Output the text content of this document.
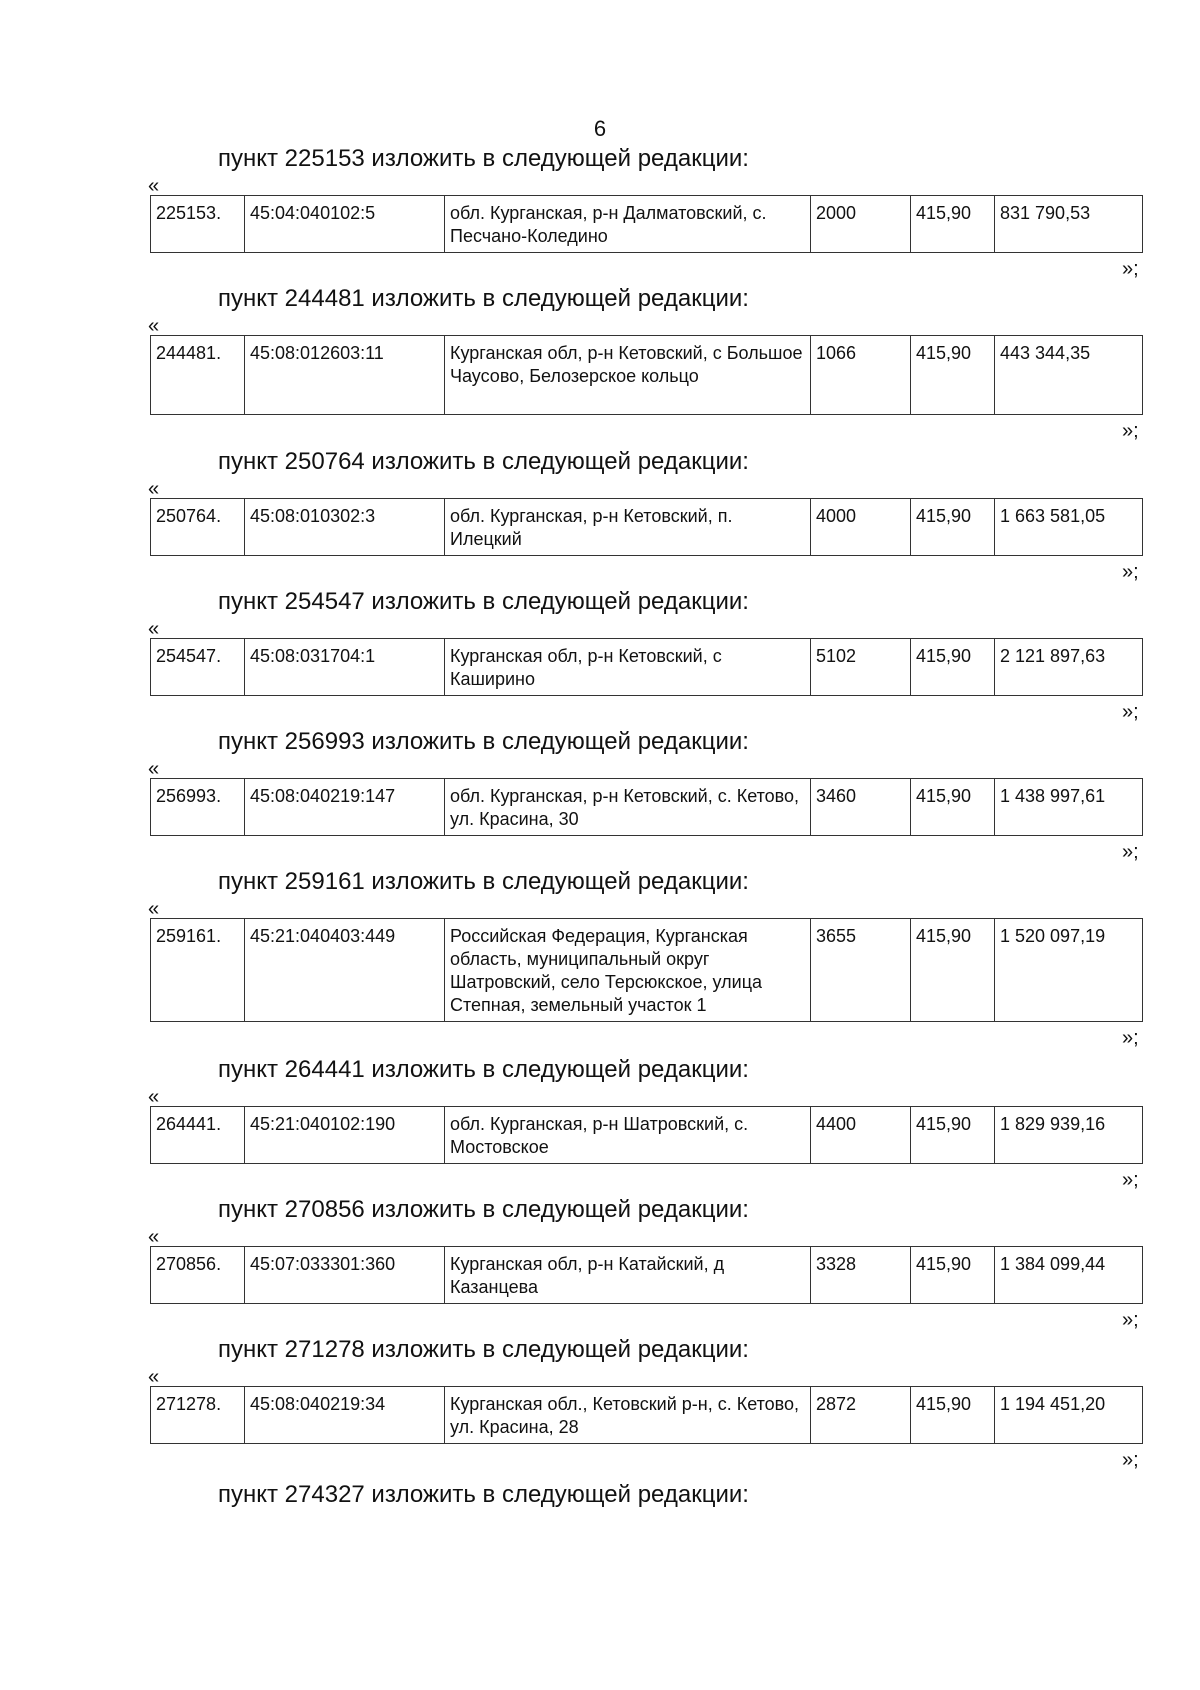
6
пункт 225153 изложить в следующей редакции:
«
225153.	45:04:040102:5	обл. Курганская, р-н Далматовский, с. Песчано-Коледино	2000	415,90	831 790,53
»;
пункт 244481 изложить в следующей редакции:
«
244481.	45:08:012603:11	Курганская обл, р-н Кетовский, с Большое Чаусово, Белозерское кольцо	1066	415,90	443 344,35
»;
пункт 250764 изложить в следующей редакции:
«
250764.	45:08:010302:3	обл. Курганская, р-н Кетовский, п. Илецкий	4000	415,90	1 663 581,05
»;
пункт 254547 изложить в следующей редакции:
«
254547.	45:08:031704:1	Курганская обл, р-н Кетовский, с Каширино	5102	415,90	2 121 897,63
»;
пункт 256993 изложить в следующей редакции:
«
256993.	45:08:040219:147	обл. Курганская, р-н Кетовский, с. Кетово, ул. Красина, 30	3460	415,90	1 438 997,61
»;
пункт 259161 изложить в следующей редакции:
«
259161.	45:21:040403:449	Российская Федерация, Курганская область, муниципальный округ Шатровский, село Терсюкское, улица Степная, земельный участок 1	3655	415,90	1 520 097,19
»;
пункт 264441 изложить в следующей редакции:
«
264441.	45:21:040102:190	обл. Курганская, р-н Шатровский, с. Мостовское	4400	415,90	1 829 939,16
»;
пункт 270856 изложить в следующей редакции:
«
270856.	45:07:033301:360	Курганская обл, р-н Катайский, д Казанцева	3328	415,90	1 384 099,44
»;
пункт 271278 изложить в следующей редакции:
«
271278.	45:08:040219:34	Курганская обл., Кетовский р-н, с. Кетово, ул. Красина, 28	2872	415,90	1 194 451,20
»;
пункт 274327 изложить в следующей редакции:
